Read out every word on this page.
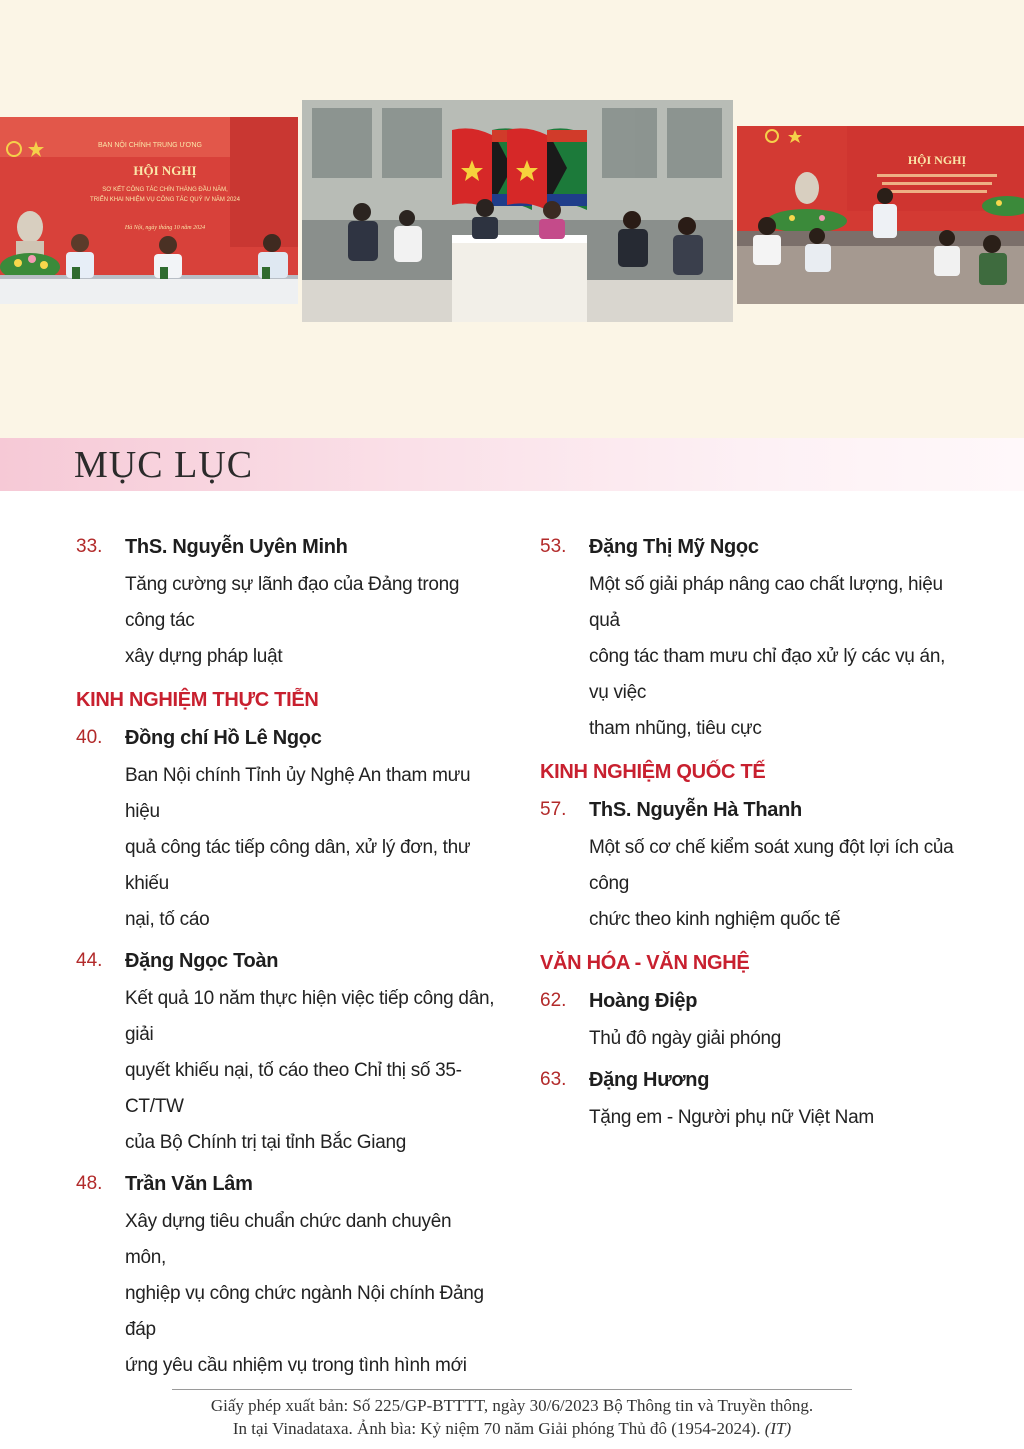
BAN NỘI CHÍNH TRUNG ƯƠNG
HỘI NGHỊ
SƠ KẾT CÔNG TÁC CHÍN THÁNG ĐẦU NĂM,
TRIỂN KHAI NHIỆM VỤ CÔNG TÁC QUÝ IV NĂM 2024
Hà Nội, ngày tháng 10 năm 2024
HỘI NGHỊ
MỤC LỤC
33. ThS. Nguyễn Uyên Minh
Tăng cường sự lãnh đạo của Đảng trong công tác
xây dựng pháp luật
KINH NGHIỆM THỰC TIỄN
40. Đồng chí Hồ Lê Ngọc
Ban Nội chính Tỉnh ủy Nghệ An tham mưu hiệu
quả công tác tiếp công dân, xử lý đơn, thư khiếu
nại, tố cáo
44. Đặng Ngọc Toàn
Kết quả 10 năm thực hiện việc tiếp công dân, giải
quyết khiếu nại, tố cáo theo Chỉ thị số 35-CT/TW
của Bộ Chính trị tại tỉnh Bắc Giang
48. Trần Văn Lâm
Xây dựng tiêu chuẩn chức danh chuyên môn,
nghiệp vụ công chức ngành Nội chính Đảng đáp
ứng yêu cầu nhiệm vụ trong tình hình mới
53. Đặng Thị Mỹ Ngọc
Một số giải pháp nâng cao chất lượng, hiệu quả
công tác tham mưu chỉ đạo xử lý các vụ án, vụ việc
tham nhũng, tiêu cực
KINH NGHIỆM QUỐC TẾ
57. ThS. Nguyễn Hà Thanh
Một số cơ chế kiểm soát xung đột lợi ích của công
chức theo kinh nghiệm quốc tế
VĂN HÓA - VĂN NGHỆ
62. Hoàng Điệp
Thủ đô ngày giải phóng
63. Đặng Hương
Tặng em - Người phụ nữ Việt Nam
Giấy phép xuất bản: Số 225/GP-BTTTT, ngày 30/6/2023 Bộ Thông tin và Truyền thông.
In tại Vinadataxa. Ảnh bìa: Kỷ niệm 70 năm Giải phóng Thủ đô (1954-2024). (IT)
